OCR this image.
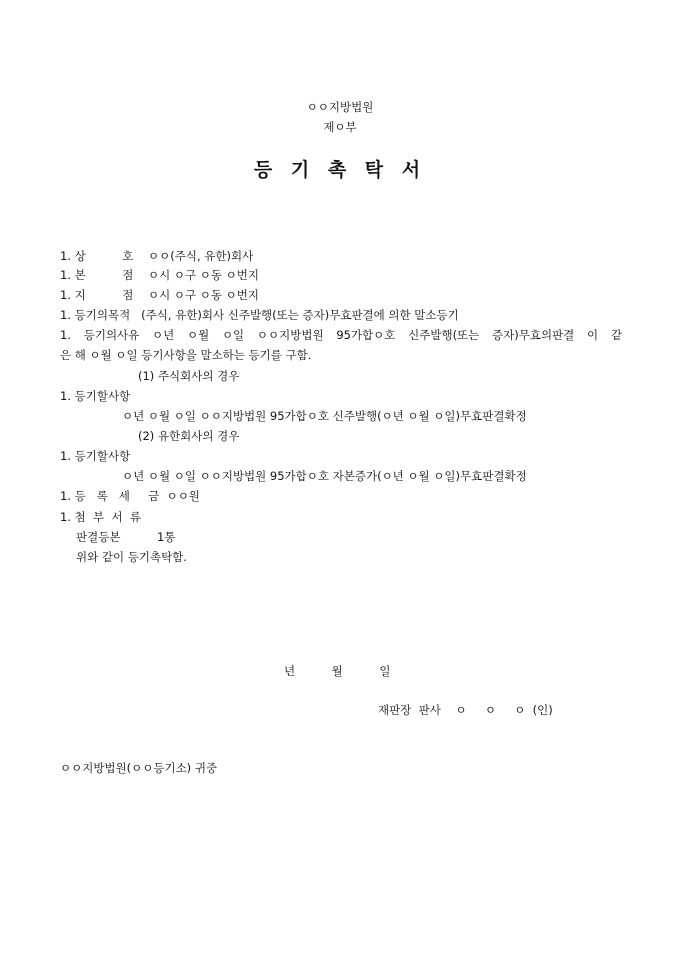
ㅇㅇ지방법원
제ㅇ부
등 기 촉 탁 서
1. 상          호    ㅇㅇ(주식, 유한)회사
1. 본          점    ㅇ시 ㅇ구 ㅇ동 ㅇ번지
1. 지          점    ㅇ시 ㅇ구 ㅇ동 ㅇ번지
1. 등기의목적   (주식, 유한)회사 신주발행(또는 증자)무효판결에 의한 말소등기
1. 등기의사유 ㅇ년 ㅇ월 ㅇ일 ㅇㅇ지방법원 95가합ㅇ호 신주발행(또는 증자)무효의판결 이 같
은 해 ㅇ월 ㅇ일 등기사항을 말소하는 등기를 구함.
(1) 주식회사의 경우
1. 등기할사항
ㅇ년 ㅇ월 ㅇ일 ㅇㅇ지방법원 95가합ㅇ호 신주발행(ㅇ년 ㅇ월 ㅇ일)무효판결확정
(2) 유한회사의 경우
1. 등기할사항
ㅇ년 ㅇ월 ㅇ일 ㅇㅇ지방법원 95가합ㅇ호 자본증가(ㅇ년 ㅇ월 ㅇ일)무효판결확정
1. 등   록   세     금  ㅇㅇ원
1. 첨  부  서  류
판결등본          1통
위와 같이 등기촉탁함.
년          월          일
재판장  판사    ㅇ     ㅇ     ㅇ  (인)
ㅇㅇ지방법원(ㅇㅇ등기소) 귀중
